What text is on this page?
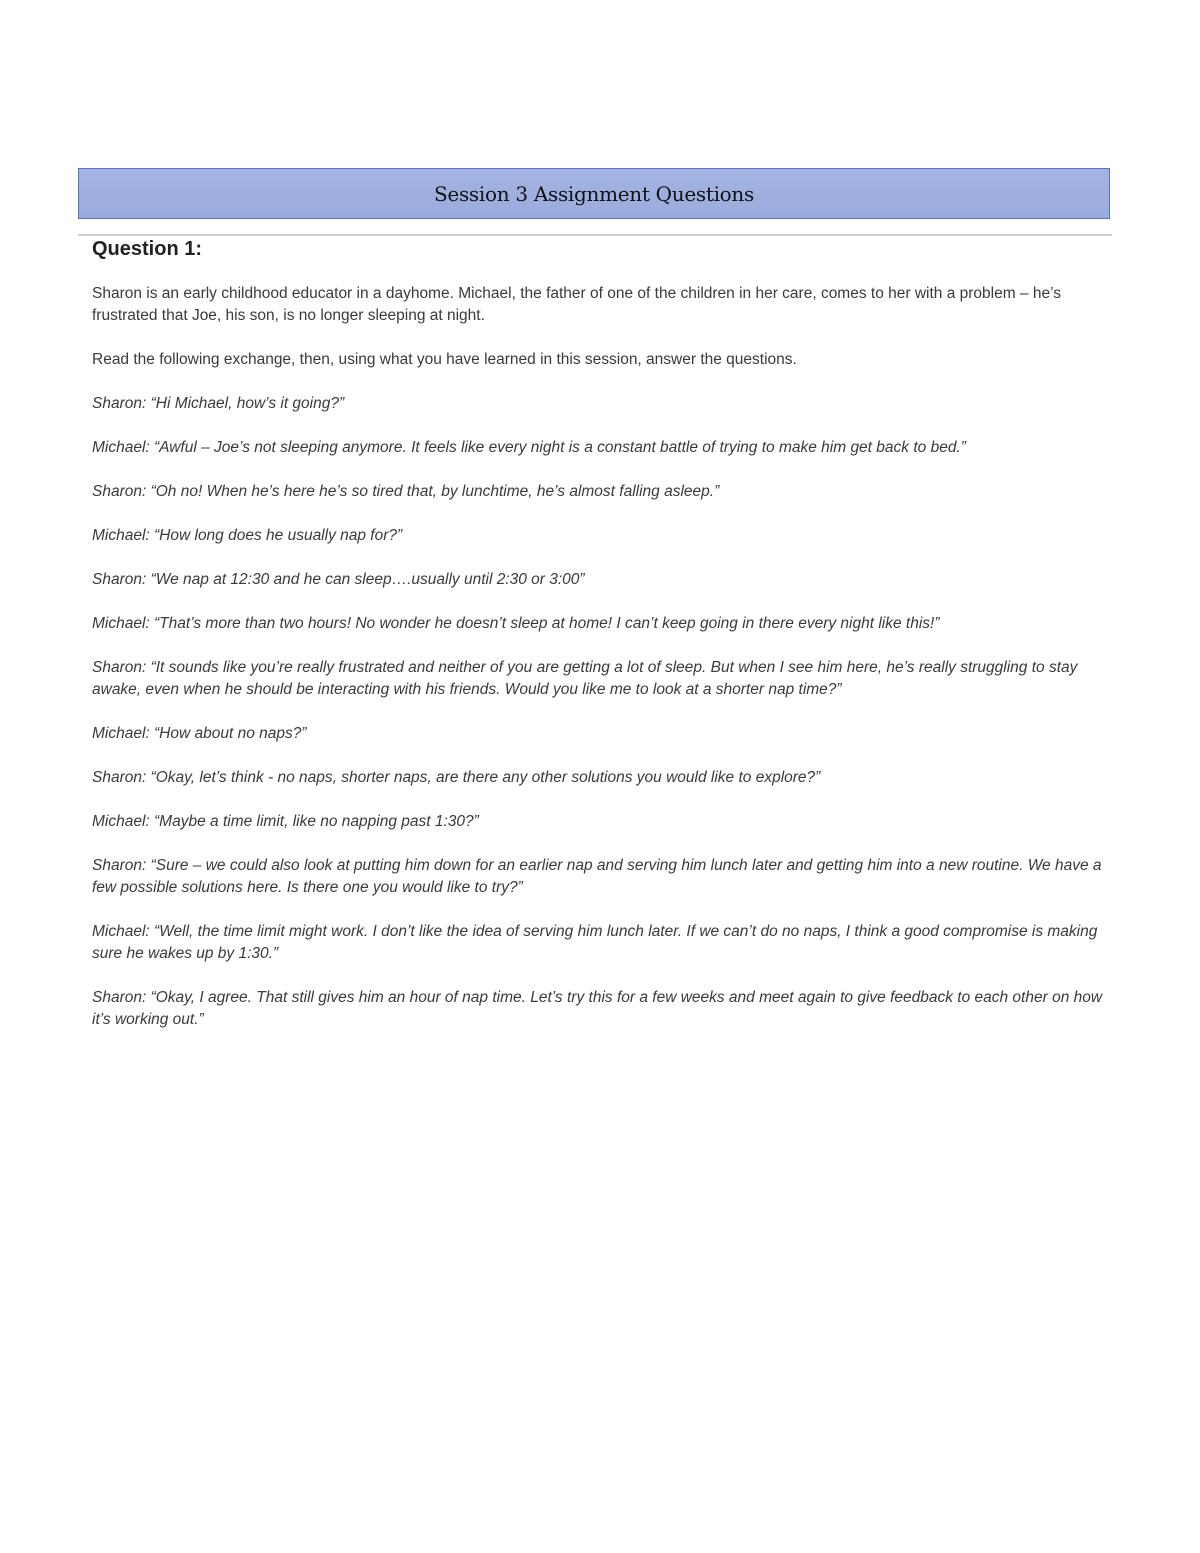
Session 3 Assignment Questions
Question 1:

Sharon is an early childhood educator in a dayhome. Michael, the father of one of the children in her care, comes to her with a problem – he’s frustrated that Joe, his son, is no longer sleeping at night.

Read the following exchange, then, using what you have learned in this session, answer the questions.

Sharon: “Hi Michael, how’s it going?”

Michael: “Awful – Joe’s not sleeping anymore. It feels like every night is a constant battle of trying to make him get back to bed.”

Sharon: “Oh no! When he’s here he’s so tired that, by lunchtime, he’s almost falling asleep.”

Michael: “How long does he usually nap for?”

Sharon: “We nap at 12:30 and he can sleep….usually until 2:30 or 3:00”

Michael: “That’s more than two hours! No wonder he doesn’t sleep at home! I can’t keep going in there every night like this!”

Sharon: “It sounds like you’re really frustrated and neither of you are getting a lot of sleep. But when I see him here, he’s really struggling to stay awake, even when he should be interacting with his friends. Would you like me to look at a shorter nap time?”

Michael: “How about no naps?”

Sharon: “Okay, let’s think - no naps, shorter naps, are there any other solutions you would like to explore?”

Michael: “Maybe a time limit, like no napping past 1:30?”

Sharon: “Sure – we could also look at putting him down for an earlier nap and serving him lunch later and getting him into a new routine. We have a few possible solutions here. Is there one you would like to try?”

Michael: “Well, the time limit might work. I don’t like the idea of serving him lunch later. If we can’t do no naps, I think a good compromise is making sure he wakes up by 1:30.”

Sharon: “Okay, I agree. That still gives him an hour of nap time. Let’s try this for a few weeks and meet again to give feedback to each other on how it’s working out.”
